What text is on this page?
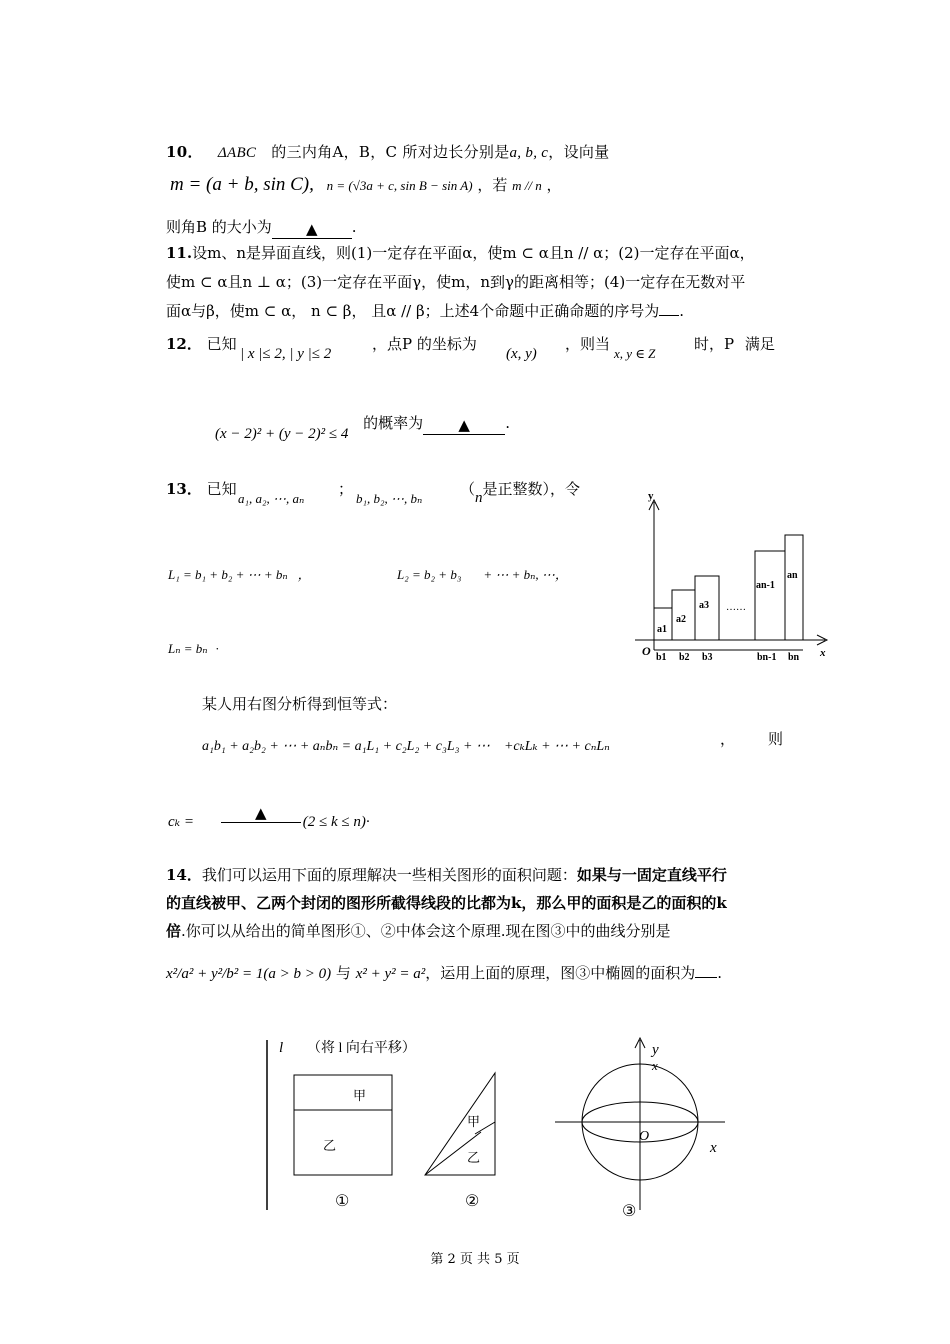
10． ΔABC 的三内角A，B，C 所对边长分别是a, b, c，设向量
m = (a + b, sin C), n = (√3a + c, sin B − sin A) ，若 m // n ，
则角B 的大小为 ▲ .
11.设m、n是异面直线，则(1)一定存在平面α，使m ⊂ α且n // α；(2)一定存在平面α，
使m ⊂ α且n ⊥ α；(3)一定存在平面γ，使m，n到γ的距离相等；(4)一定存在无数对平
面α与β，使m ⊂ α， n ⊂ β， 且α // β；上述4个命题中正确命题的序号为 .
12． 已知
| x |≤ 2, | y |≤ 2
，点P 的坐标为
(x, y)
，则当
x, y ∈ Z
时，P 满足
(x − 2)² + (y − 2)² ≤ 4 的概率为 ▲ .
13． 已知
a₁, a₂, ⋯, aₙ
；
b₁, b₂, ⋯, bₙ
（n是正整数），令
L₁ = b₁ + b₂ + ⋯ + bₙ ，	L₂ = b₂ + b₃ + ⋯ + bₙ, ⋯，
Lₙ = bₙ ·
某人用右图分析得到恒等式：
a₁b₁ + a₂b₂ + ⋯ + aₙbₙ = a₁L₁ + c₂L₂ + c₃L₃ + ⋯ +cₖLₖ + ⋯ + cₙLₙ	， 则
cₖ =	▲ (2 ≤ k ≤ n)·
y
x
O
a1
a2
a3 ……
an-1
an
b1 b2 b3	bn-1 bn
14．我们可以运用下面的原理解决一些相关图形的面积问题：如果与一固定直线平行
的直线被甲、乙两个封闭的图形所截得线段的比都为k，那么甲的面积是乙的面积的k
倍.你可以从给出的简单图形①、②中体会这个原理.现在图③中的曲线分别是
x²/a² + y²/b² = 1(a > b > 0) 与 x² + y² = a²，运用上面的原理，图③中椭圆的面积为 .
l （将 l 向右平移）
甲
乙
甲
乙
①	②
③
y
x
O
x
第 2 页 共 5 页
